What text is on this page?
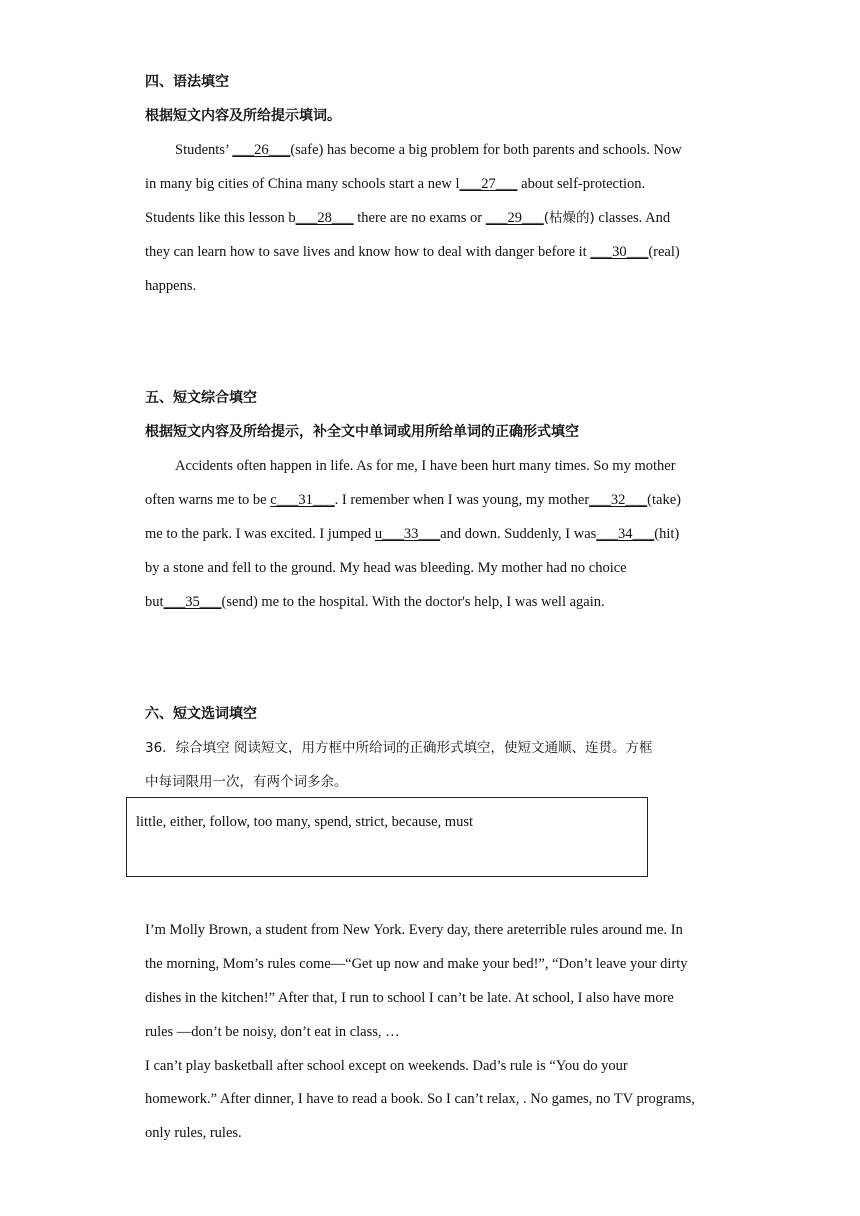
四、语法填空
根据短文内容及所给提示填词。
Students’ ___26___(safe) has become a big problem for both parents and schools. Now
in many big cities of China many schools start a new l___27___ about self-protection.
Students like this lesson b___28___ there are no exams or ___29___(枯燥的) classes. And
they can learn how to save lives and know how to deal with danger before it ___30___(real)
happens.
五、短文综合填空
根据短文内容及所给提示，补全文中单词或用所给单词的正确形式填空
Accidents often happen in life. As for me, I have been hurt many times. So my mother
often warns me to be c___31___. I remember when I was young, my mother___32___(take)
me to the park. I was excited. I jumped u___33___and down. Suddenly, I was___34___(hit)
by a stone and fell to the ground. My head was bleeding. My mother had no choice
but___35___(send) me to the hospital. With the doctor's help, I was well again.
六、短文选词填空
36．综合填空 阅读短文，用方框中所给词的正确形式填空，使短文通顺、连贯。方框
中每词限用一次，有两个词多余。
little, either, follow, too many, spend, strict, because, must
I’m Molly Brown, a student from New York. Every day, there areterrible rules around me. In
the morning, Mom’s rules come—“Get up now and make your bed!”, “Don’t leave your dirty
dishes in the kitchen!” After that, I run to school I can’t be late. At school, I also have more
rules —don’t be noisy, don’t eat in class, …
I can’t play basketball after school except on weekends. Dad’s rule is “You do your
homework.” After dinner, I have to read a book. So I can’t relax, . No games, no TV programs,
only rules, rules.
